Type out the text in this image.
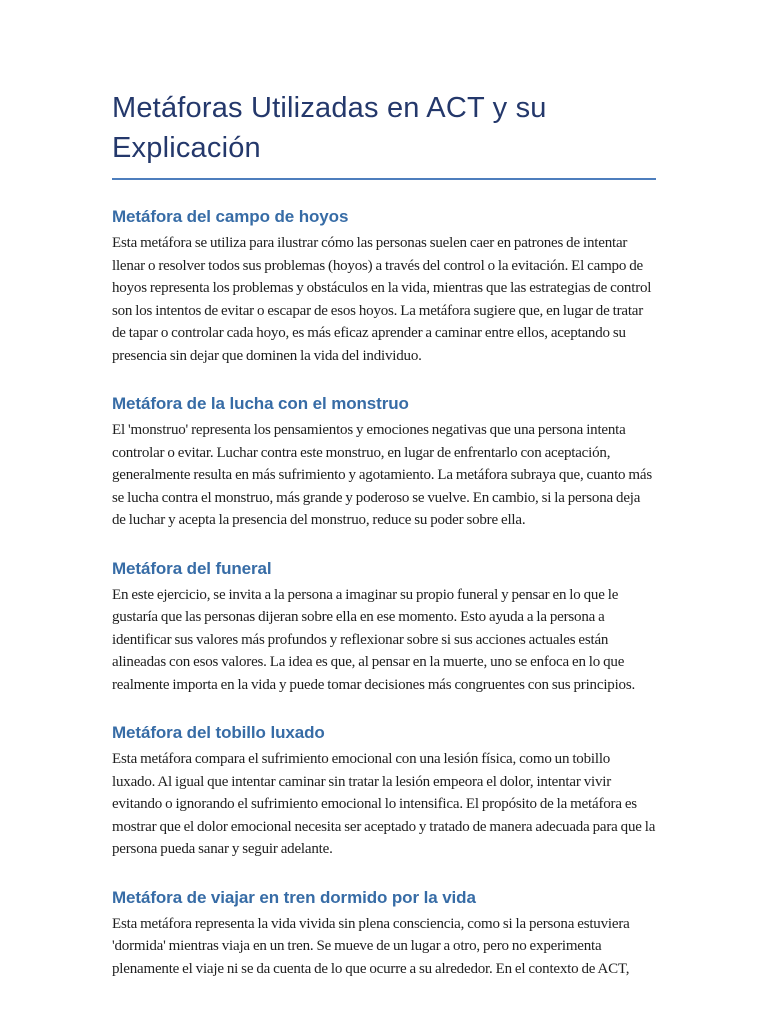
Metáforas Utilizadas en ACT y su Explicación
Metáfora del campo de hoyos

Esta metáfora se utiliza para ilustrar cómo las personas suelen caer en patrones de intentar llenar o resolver todos sus problemas (hoyos) a través del control o la evitación. El campo de hoyos representa los problemas y obstáculos en la vida, mientras que las estrategias de control son los intentos de evitar o escapar de esos hoyos. La metáfora sugiere que, en lugar de tratar de tapar o controlar cada hoyo, es más eficaz aprender a caminar entre ellos, aceptando su presencia sin dejar que dominen la vida del individuo.

Metáfora de la lucha con el monstruo

El 'monstruo' representa los pensamientos y emociones negativas que una persona intenta controlar o evitar. Luchar contra este monstruo, en lugar de enfrentarlo con aceptación, generalmente resulta en más sufrimiento y agotamiento. La metáfora subraya que, cuanto más se lucha contra el monstruo, más grande y poderoso se vuelve. En cambio, si la persona deja de luchar y acepta la presencia del monstruo, reduce su poder sobre ella.

Metáfora del funeral

En este ejercicio, se invita a la persona a imaginar su propio funeral y pensar en lo que le gustaría que las personas dijeran sobre ella en ese momento. Esto ayuda a la persona a identificar sus valores más profundos y reflexionar sobre si sus acciones actuales están alineadas con esos valores. La idea es que, al pensar en la muerte, uno se enfoca en lo que realmente importa en la vida y puede tomar decisiones más congruentes con sus principios.

Metáfora del tobillo luxado

Esta metáfora compara el sufrimiento emocional con una lesión física, como un tobillo luxado. Al igual que intentar caminar sin tratar la lesión empeora el dolor, intentar vivir evitando o ignorando el sufrimiento emocional lo intensifica. El propósito de la metáfora es mostrar que el dolor emocional necesita ser aceptado y tratado de manera adecuada para que la persona pueda sanar y seguir adelante.

Metáfora de viajar en tren dormido por la vida

Esta metáfora representa la vida vivida sin plena consciencia, como si la persona estuviera 'dormida' mientras viaja en un tren. Se mueve de un lugar a otro, pero no experimenta plenamente el viaje ni se da cuenta de lo que ocurre a su alrededor. En el contexto de ACT,
